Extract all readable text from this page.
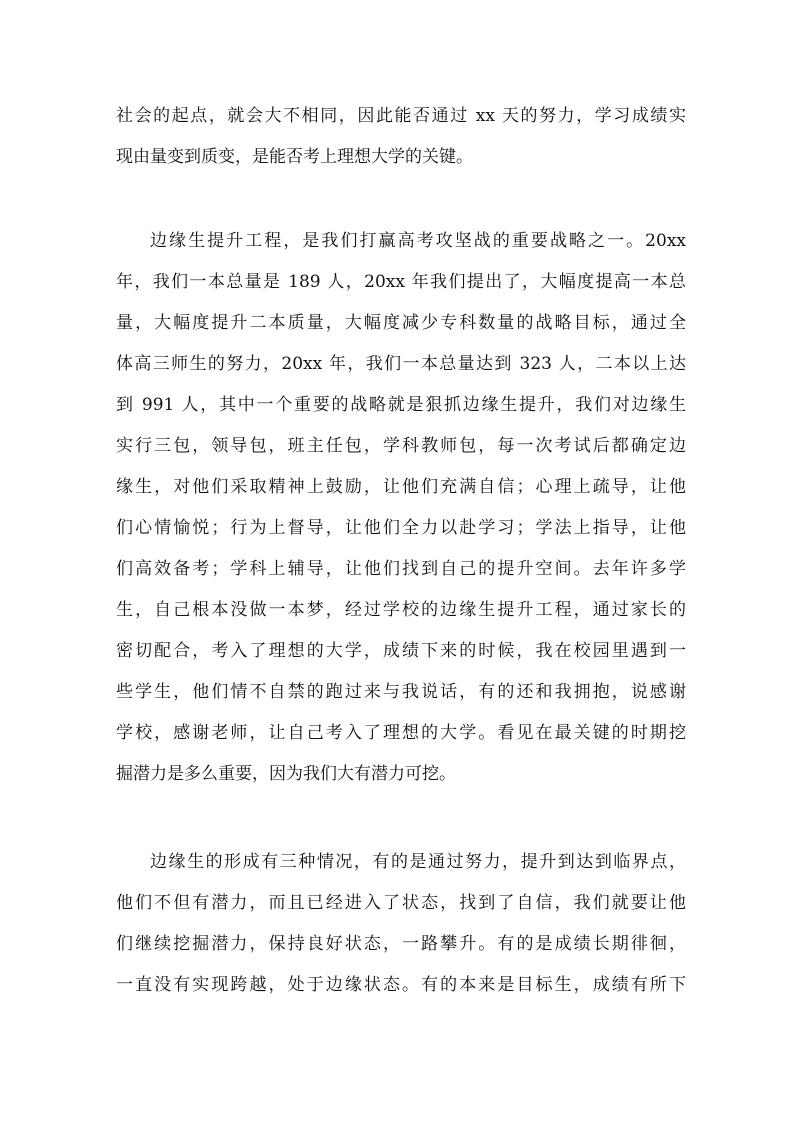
社会的起点，就会大不相同，因此能否通过 xx 天的努力，学习成绩实
现由量变到质变，是能否考上理想大学的关键。
边缘生提升工程，是我们打赢高考攻坚战的重要战略之一。20xx
年，我们一本总量是 189 人，20xx 年我们提出了，大幅度提高一本总
量，大幅度提升二本质量，大幅度减少专科数量的战略目标，通过全
体高三师生的努力，20xx 年，我们一本总量达到 323 人，二本以上达
到 991 人，其中一个重要的战略就是狠抓边缘生提升，我们对边缘生
实行三包，领导包，班主任包，学科教师包，每一次考试后都确定边
缘生，对他们采取精神上鼓励，让他们充满自信；心理上疏导，让他
们心情愉悦；行为上督导，让他们全力以赴学习；学法上指导，让他
们高效备考；学科上辅导，让他们找到自己的提升空间。去年许多学
生，自己根本没做一本梦，经过学校的边缘生提升工程，通过家长的
密切配合，考入了理想的大学，成绩下来的时候，我在校园里遇到一
些学生，他们情不自禁的跑过来与我说话，有的还和我拥抱，说感谢
学校，感谢老师，让自己考入了理想的大学。看见在最关键的时期挖
掘潜力是多么重要，因为我们大有潜力可挖。
边缘生的形成有三种情况，有的是通过努力，提升到达到临界点，
他们不但有潜力，而且已经进入了状态，找到了自信，我们就要让他
们继续挖掘潜力，保持良好状态，一路攀升。有的是成绩长期徘徊，
一直没有实现跨越，处于边缘状态。有的本来是目标生，成绩有所下
